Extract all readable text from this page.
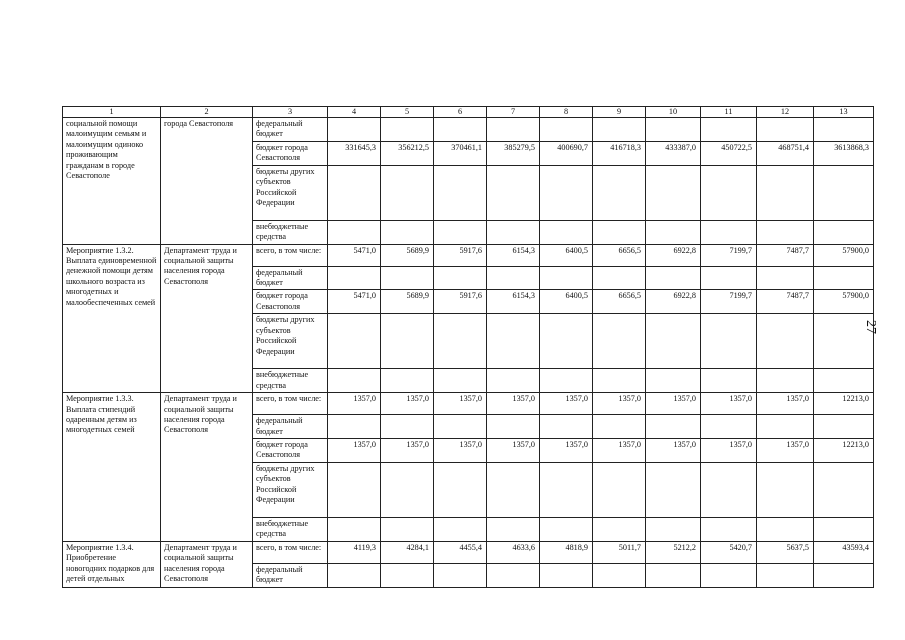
1	2	3	4	5	6	7	8	9	10	11	12	13
социальной помощи малоимущим семьям и малоимущим одиноко проживающим гражданам в городе Севастополе	города Севастополя	федеральный бюджет										
		бюджет города Севастополя	331645,3	356212,5	370461,1	385279,5	400690,7	416718,3	433387,0	450722,5	468751,4	3613868,3
		бюджеты других субъектов Российской Федерации										
		внебюджетные средства										
Мероприятие 1.3.2. Выплата единовременной денежной помощи детям школьного возраста из многодетных и малообеспеченных семей	Департамент труда и социальной защиты населения города Севастополя	всего, в том числе:	5471,0	5689,9	5917,6	6154,3	6400,5	6656,5	6922,8	7199,7	7487,7	57900,0
		федеральный бюджет										
		бюджет города Севастополя	5471,0	5689,9	5917,6	6154,3	6400,5	6656,5	6922,8	7199,7	7487,7	57900,0
		бюджеты других субъектов Российской Федерации										
		внебюджетные средства										
Мероприятие 1.3.3. Выплата стипендий одаренным детям из многодетных семей	Департамент труда и социальной защиты населения города Севастополя	всего, в том числе:	1357,0	1357,0	1357,0	1357,0	1357,0	1357,0	1357,0	1357,0	1357,0	12213,0
		федеральный бюджет										
		бюджет города Севастополя	1357,0	1357,0	1357,0	1357,0	1357,0	1357,0	1357,0	1357,0	1357,0	12213,0
		бюджеты других субъектов Российской Федерации										
		внебюджетные средства										
Мероприятие 1.3.4. Приобретение новогодних подарков для детей отдельных	Департамент труда и социальной защиты населения города Севастополя	всего, в том числе:	4119,3	4284,1	4455,4	4633,6	4818,9	5011,7	5212,2	5420,7	5637,5	43593,4
		федеральный бюджет										
27
